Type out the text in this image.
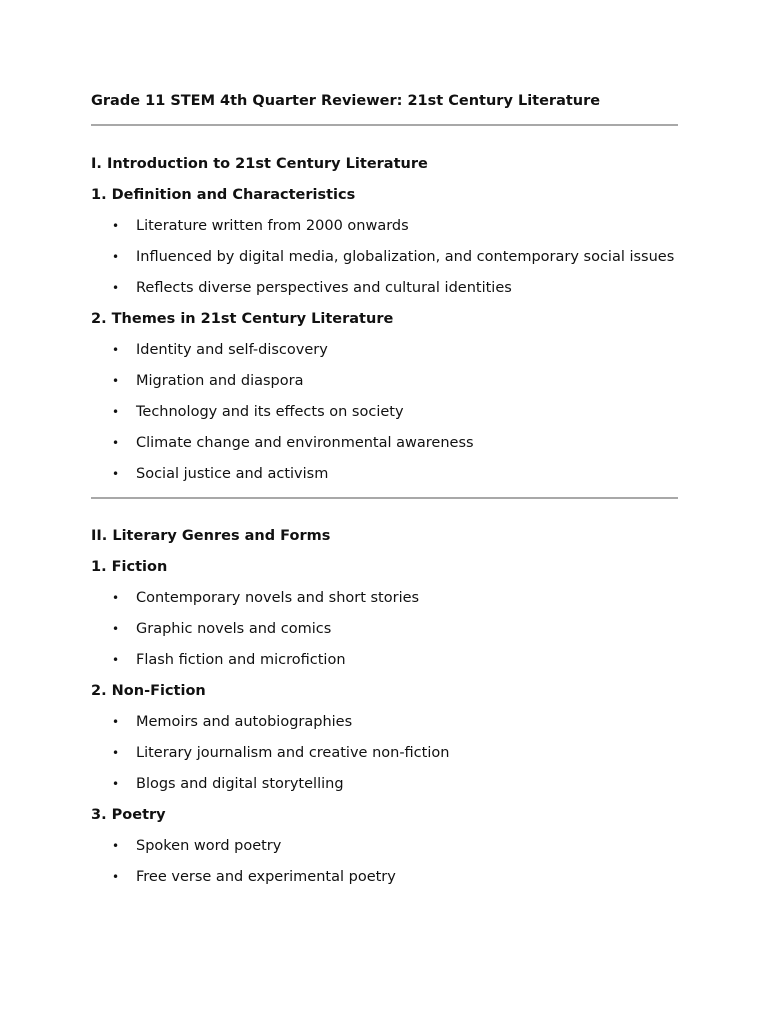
Grade 11 STEM 4th Quarter Reviewer: 21st Century Literature

I. Introduction to 21st Century Literature

1. Definition and Characteristics

• Literature written from 2000 onwards
• Influenced by digital media, globalization, and contemporary social issues
• Reflects diverse perspectives and cultural identities

2. Themes in 21st Century Literature

• Identity and self-discovery
• Migration and diaspora
• Technology and its effects on society
• Climate change and environmental awareness
• Social justice and activism

II. Literary Genres and Forms

1. Fiction

• Contemporary novels and short stories
• Graphic novels and comics
• Flash fiction and microfiction

2. Non-Fiction

• Memoirs and autobiographies
• Literary journalism and creative non-fiction
• Blogs and digital storytelling

3. Poetry

• Spoken word poetry
• Free verse and experimental poetry
